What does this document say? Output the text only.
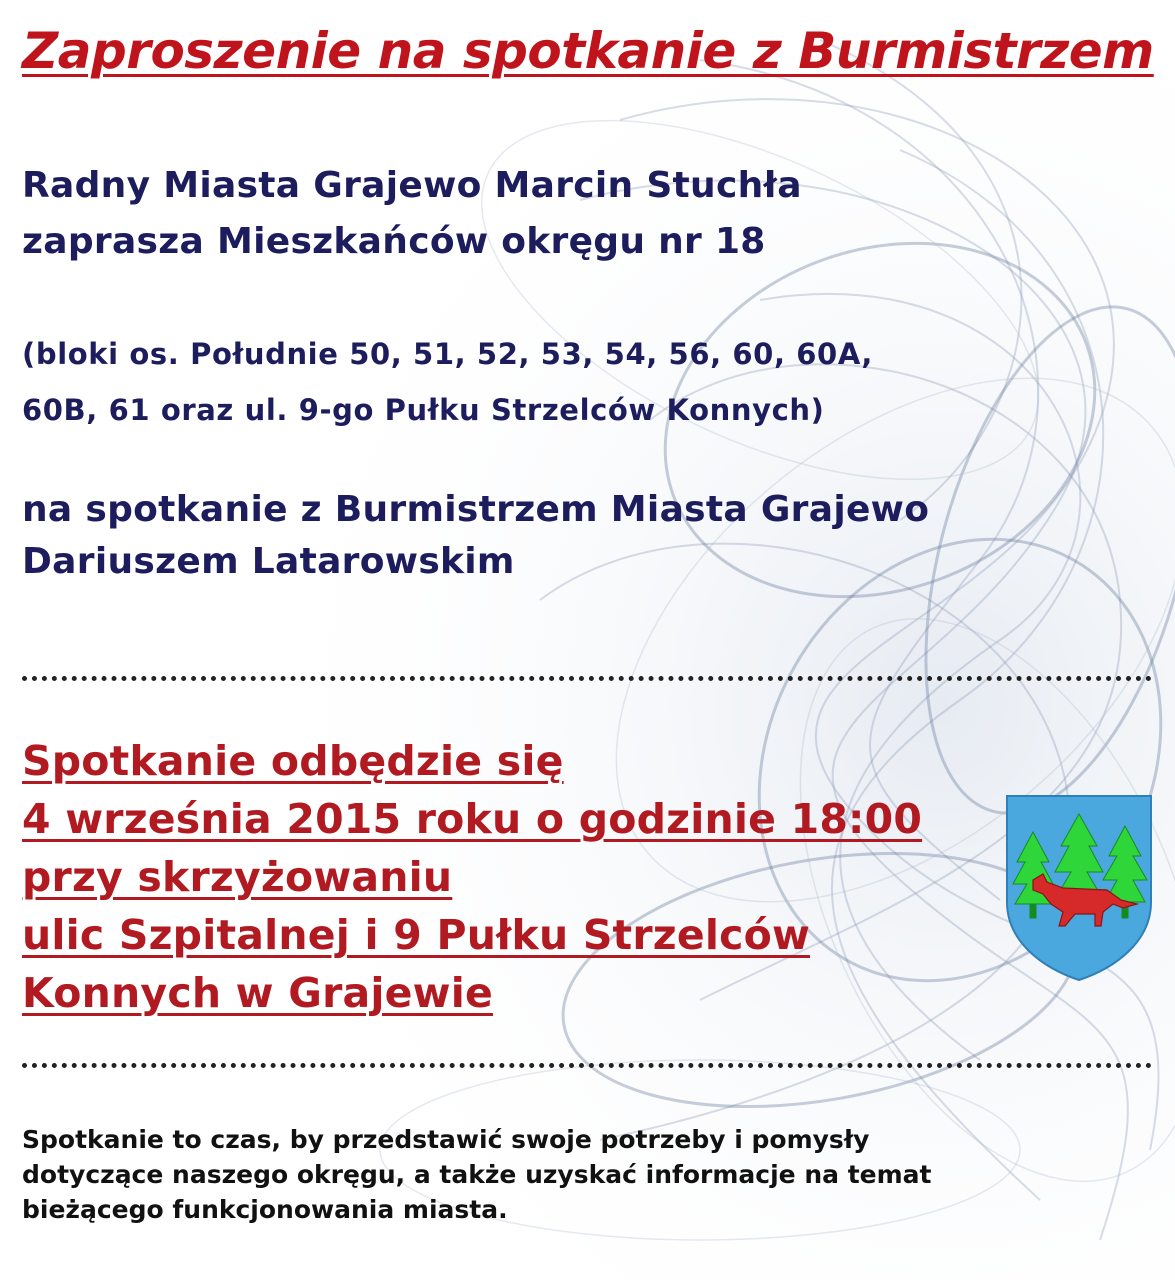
Zaproszenie na spotkanie z Burmistrzem

Radny Miasta Grajewo Marcin Stuchła
zaprasza Mieszkańców okręgu nr 18

(bloki os. Południe 50, 51, 52, 53, 54, 56, 60, 60A,
60B, 61 oraz ul. 9-go Pułku Strzelców Konnych)

na spotkanie z Burmistrzem Miasta Grajewo
Dariuszem Latarowskim

Spotkanie odbędzie się
4 września 2015 roku o godzinie 18:00
przy skrzyżowaniu
ulic Szpitalnej i 9 Pułku Strzelców
Konnych w Grajewie

Spotkanie to czas, by przedstawić swoje potrzeby i pomysły
dotyczące naszego okręgu, a także uzyskać informacje na temat
bieżącego funkcjonowania miasta.
